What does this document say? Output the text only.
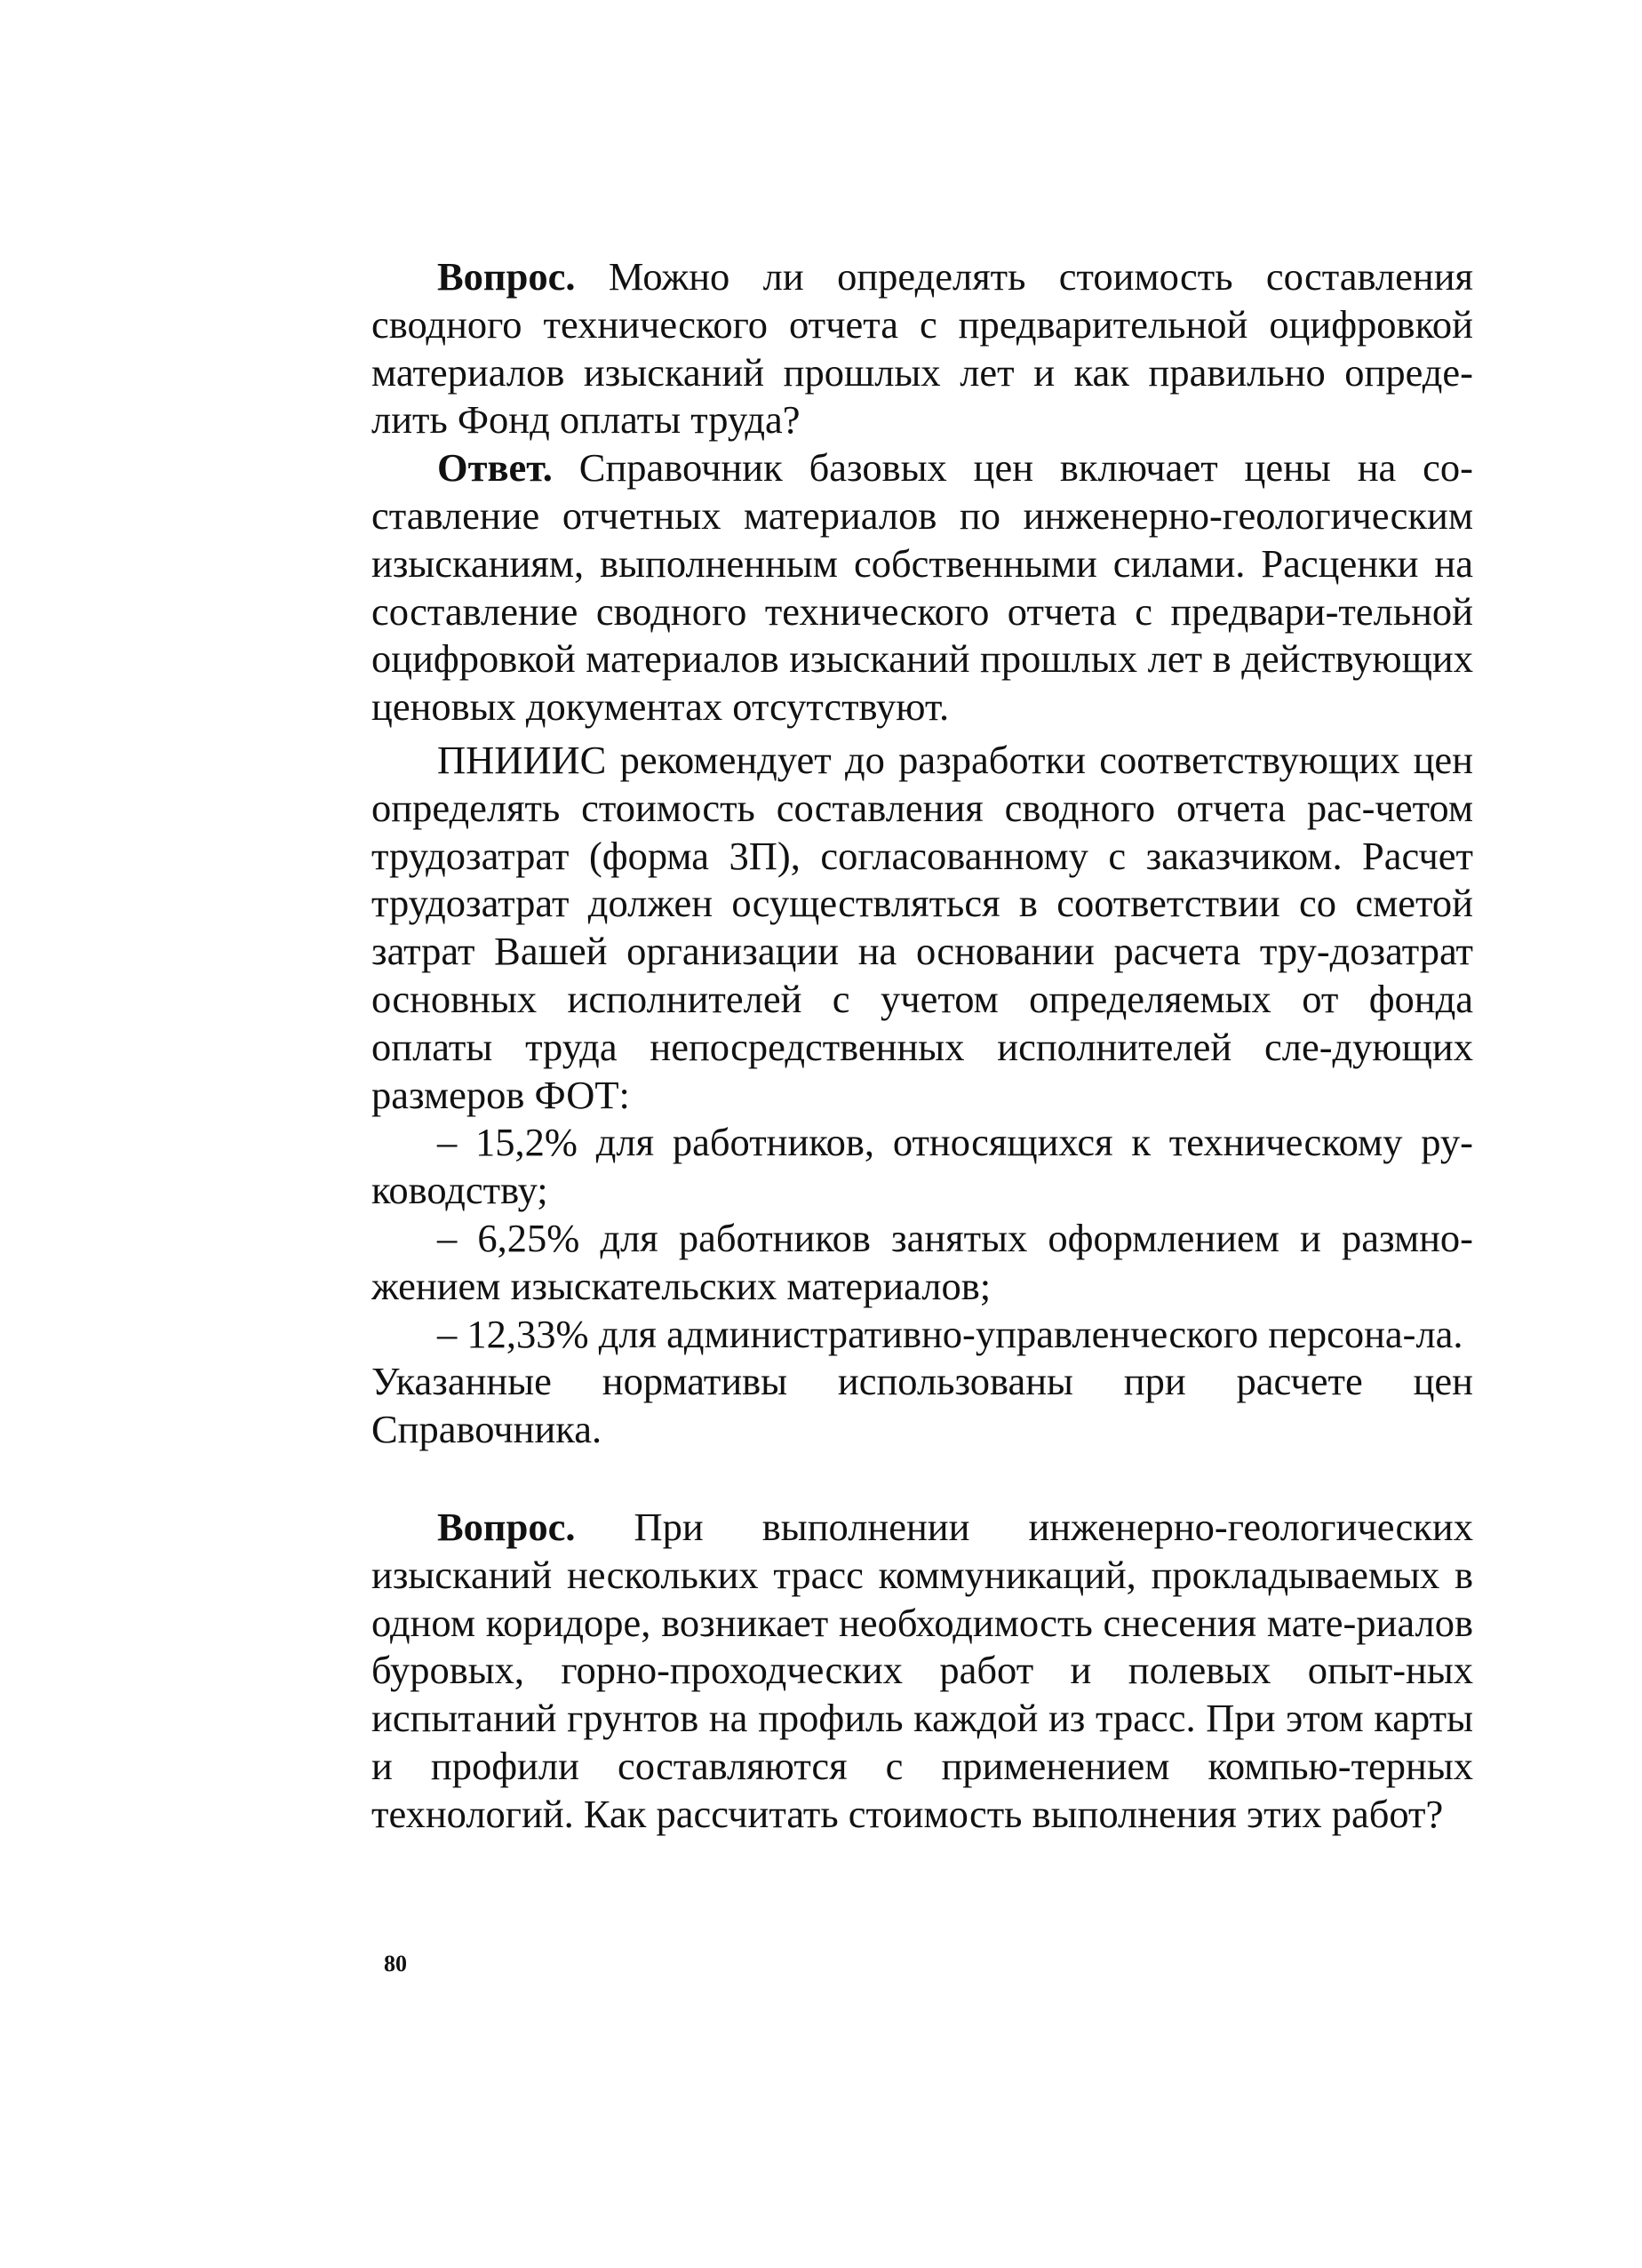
Вопрос. Можно ли определять стоимость составления сводного технического отчета с предварительной оцифровкой материалов изысканий прошлых лет и как правильно опреде-лить Фонд оплаты труда?

Ответ. Справочник базовых цен включает цены на со-ставление отчетных материалов по инженерно-геологическим изысканиям, выполненным собственными силами. Расценки на составление сводного технического отчета с предвари-тельной оцифровкой материалов изысканий прошлых лет в действующих ценовых документах отсутствуют.

ПНИИИС рекомендует до разработки соответствующих цен определять стоимость составления сводного отчета рас-четом трудозатрат (форма 3П), согласованному с заказчиком. Расчет трудозатрат должен осуществляться в соответствии со сметой затрат Вашей организации на основании расчета тру-дозатрат основных исполнителей с учетом определяемых от фонда оплаты труда непосредственных исполнителей сле-дующих размеров ФОТ:

– 15,2% для работников, относящихся к техническому ру-ководству;

– 6,25% для работников занятых оформлением и размно-жением изыскательских материалов;

– 12,33% для административно-управленческого персона-ла.

Указанные нормативы использованы при расчете цен Справочника.

Вопрос. При выполнении инженерно-геологических изысканий нескольких трасс коммуникаций, прокладываемых в одном коридоре, возникает необходимость снесения мате-риалов буровых, горно-проходческих работ и полевых опыт-ных испытаний грунтов на профиль каждой из трасс. При этом карты и профили составляются с применением компью-терных технологий. Как рассчитать стоимость выполнения этих работ?

80
